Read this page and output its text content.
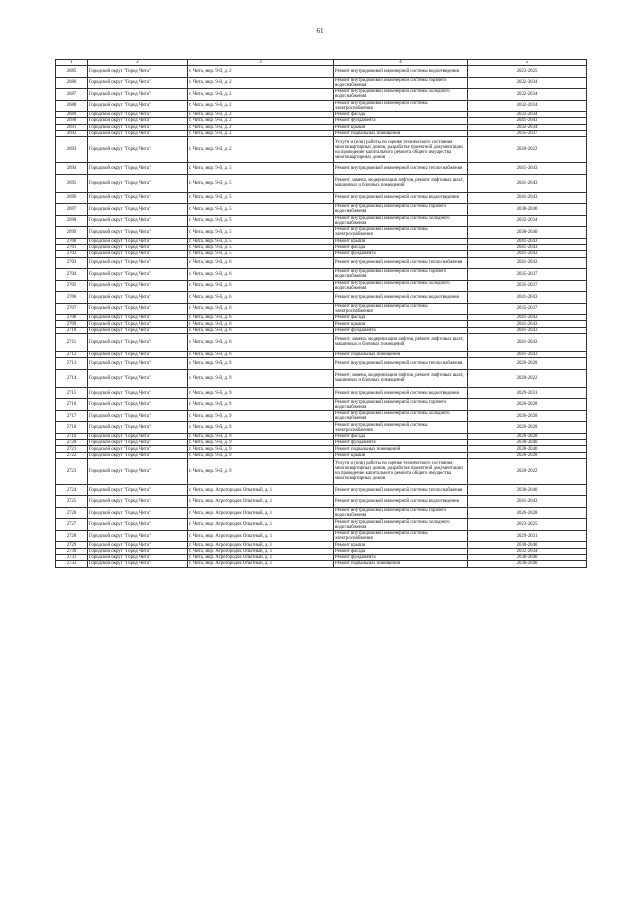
61
1	2	3	4	5
2685	Городской округ "Город Чита"	г. Чита, мкр. 9-й, д. 2	Ремонт внутридомовой инженерной системы водоотведения	2023-2025
2686	Городской округ "Город Чита"	г. Чита, мкр. 9-й, д. 2	Ремонт внутридомовой инженерной системы горячего водоснабжения	2032-2034
2687	Городской округ "Город Чита"	г. Чита, мкр. 9-й, д. 2	Ремонт внутридомовой инженерной системы холодного водоснабжения	2032-2034
2688	Городской округ "Город Чита"	г. Чита, мкр. 9-й, д. 2	Ремонт внутридомовой инженерной системы электроснабжения	2032-2034
2689	Городской округ "Город Чита"	г. Чита, мкр. 9-й, д. 2	Ремонт фасада	2032-2034
2690	Городской округ "Город Чита"	г. Чита, мкр. 9-й, д. 2	Ремонт фундамента	2041-2043
2691	Городской округ "Город Чита"	г. Чита, мкр. 9-й, д. 2	Ремонт крыши	2032-2034
2692	Городской округ "Город Чита"	г. Чита, мкр. 9-й, д. 2	Ремонт подвальных помещений	2035-2037
2693	Городской округ "Город Чита"	г. Чита, мкр. 9-й, д. 2	Услуги и (или) работы по оценке технического состояния многоквартирных домов, разработке проектной документации на проведение капитального ремонта общего имущества многоквартирных домов	2020-2022
2694	Городской округ "Город Чита"	г. Чита, мкр. 9-й, д. 5	Ремонт внутридомовой инженерной системы теплоснабжения	2041-2043
2695	Городской округ "Город Чита"	г. Чита, мкр. 9-й, д. 5	Ремонт, замена, модернизация лифтов, ремонт лифтовых шахт, машинных и блочных помещений	2041-2043
2696	Городской округ "Город Чита"	г. Чита, мкр. 9-й, д. 5	Ремонт внутридомовой инженерной системы водоотведения	2041-2043
2697	Городской округ "Город Чита"	г. Чита, мкр. 9-й, д. 5	Ремонт внутридомовой инженерной системы горячего водоснабжения	2038-2040
2698	Городской округ "Город Чита"	г. Чита, мкр. 9-й, д. 5	Ремонт внутридомовой инженерной системы холодного водоснабжения	2032-2034
2699	Городской округ "Город Чита"	г. Чита, мкр. 9-й, д. 5	Ремонт внутридомовой инженерной системы электроснабжения	2038-2040
2700	Городской округ "Город Чита"	г. Чита, мкр. 9-й, д. 5	Ремонт крыши	2041-2043
2701	Городской округ "Город Чита"	г. Чита, мкр. 9-й, д. 5	Ремонт фасада	2041-2043
2702	Городской округ "Город Чита"	г. Чита, мкр. 9-й, д. 5	Ремонт фундамента	2041-2043
2703	Городской округ "Город Чита"	г. Чита, мкр. 9-й, д. 6	Ремонт внутридомовой инженерной системы теплоснабжения	2041-2043
2704	Городской округ "Город Чита"	г. Чита, мкр. 9-й, д. 6	Ремонт внутридомовой инженерной системы горячего водоснабжения	2035-2037
2705	Городской округ "Город Чита"	г. Чита, мкр. 9-й, д. 6	Ремонт внутридомовой инженерной системы холодного водоснабжения	2035-2037
2706	Городской округ "Город Чита"	г. Чита, мкр. 9-й, д. 6	Ремонт внутридомовой инженерной системы водоотведения	2041-2043
2707	Городской округ "Город Чита"	г. Чита, мкр. 9-й, д. 6	Ремонт внутридомовой инженерной системы электроснабжения	2035-2037
2708	Городской округ "Город Чита"	г. Чита, мкр. 9-й, д. 6	Ремонт фасада	2041-2043
2709	Городской округ "Город Чита"	г. Чита, мкр. 9-й, д. 6	Ремонт крыши	2041-2043
2710	Городской округ "Город Чита"	г. Чита, мкр. 9-й, д. 6	Ремонт фундамента	2041-2043
2711	Городской округ "Город Чита"	г. Чита, мкр. 9-й, д. 6	Ремонт, замена, модернизация лифтов, ремонт лифтовых шахт, машинных и блочных помещений	2041-2043
2712	Городской округ "Город Чита"	г. Чита, мкр. 9-й, д. 6	Ремонт подвальных помещений	2041-2043
2713	Городской округ "Город Чита"	г. Чита, мкр. 9-й, д. 9	Ремонт внутридомовой инженерной системы теплоснабжения	2026-2028
2714	Городской округ "Город Чита"	г. Чита, мкр. 9-й, д. 9	Ремонт, замена, модернизация лифтов, ремонт лифтовых шахт, машинных и блочных помещений	2020-2022
2715	Городской округ "Город Чита"	г. Чита, мкр. 9-й, д. 9	Ремонт внутридомовой инженерной системы водоотведения	2029-2031
2716	Городской округ "Город Чита"	г. Чита, мкр. 9-й, д. 9	Ремонт внутридомовой инженерной системы горячего водоснабжения	2026-2028
2717	Городской округ "Город Чита"	г. Чита, мкр. 9-й, д. 9	Ремонт внутридомовой инженерной системы холодного водоснабжения	2026-2028
2718	Городской округ "Город Чита"	г. Чита, мкр. 9-й, д. 9	Ремонт внутридомовой инженерной системы электроснабжения	2026-2028
2719	Городской округ "Город Чита"	г. Чита, мкр. 9-й, д. 9	Ремонт фасада	2026-2028
2720	Городской округ "Город Чита"	г. Чита, мкр. 9-й, д. 9	Ремонт фундамента	2038-2040
2721	Городской округ "Город Чита"	г. Чита, мкр. 9-й, д. 9	Ремонт подвальных помещений	2038-2040
2722	Городской округ "Город Чита"	г. Чита, мкр. 9-й, д. 9	Ремонт крыши	2026-2028
2723	Городской округ "Город Чита"	г. Чита, мкр. 9-й, д. 9	Услуги и (или) работы по оценке технического состояния многоквартирных домов, разработке проектной документации на проведение капитального ремонта общего имущества многоквартирных домов	2020-2022
2724	Городской округ "Город Чита"	г. Чита, мкр. Агрогородок Опытный, д. 1	Ремонт внутридомовой инженерной системы теплоснабжения	2038-2040
2725	Городской округ "Город Чита"	г. Чита, мкр. Агрогородок Опытный, д. 1	Ремонт внутридомовой инженерной системы водоотведения	2041-2043
2726	Городской округ "Город Чита"	г. Чита, мкр. Агрогородок Опытный, д. 1	Ремонт внутридомовой инженерной системы горячего водоснабжения	2026-2028
2727	Городской округ "Город Чита"	г. Чита, мкр. Агрогородок Опытный, д. 1	Ремонт внутридомовой инженерной системы холодного водоснабжения	2023-2025
2728	Городской округ "Город Чита"	г. Чита, мкр. Агрогородок Опытный, д. 1	Ремонт внутридомовой инженерной системы электроснабжения	2029-2031
2729	Городской округ "Город Чита"	г. Чита, мкр. Агрогородок Опытный, д. 1	Ремонт крыши	2038-2040
2730	Городской округ "Город Чита"	г. Чита, мкр. Агрогородок Опытный, д. 1	Ремонт фасада	2032-2034
2731	Городской округ "Город Чита"	г. Чита, мкр. Агрогородок Опытный, д. 1	Ремонт фундамента	2038-2040
2732	Городской округ "Город Чита"	г. Чита, мкр. Агрогородок Опытный, д. 1	Ремонт подвальных помещений	2038-2040
